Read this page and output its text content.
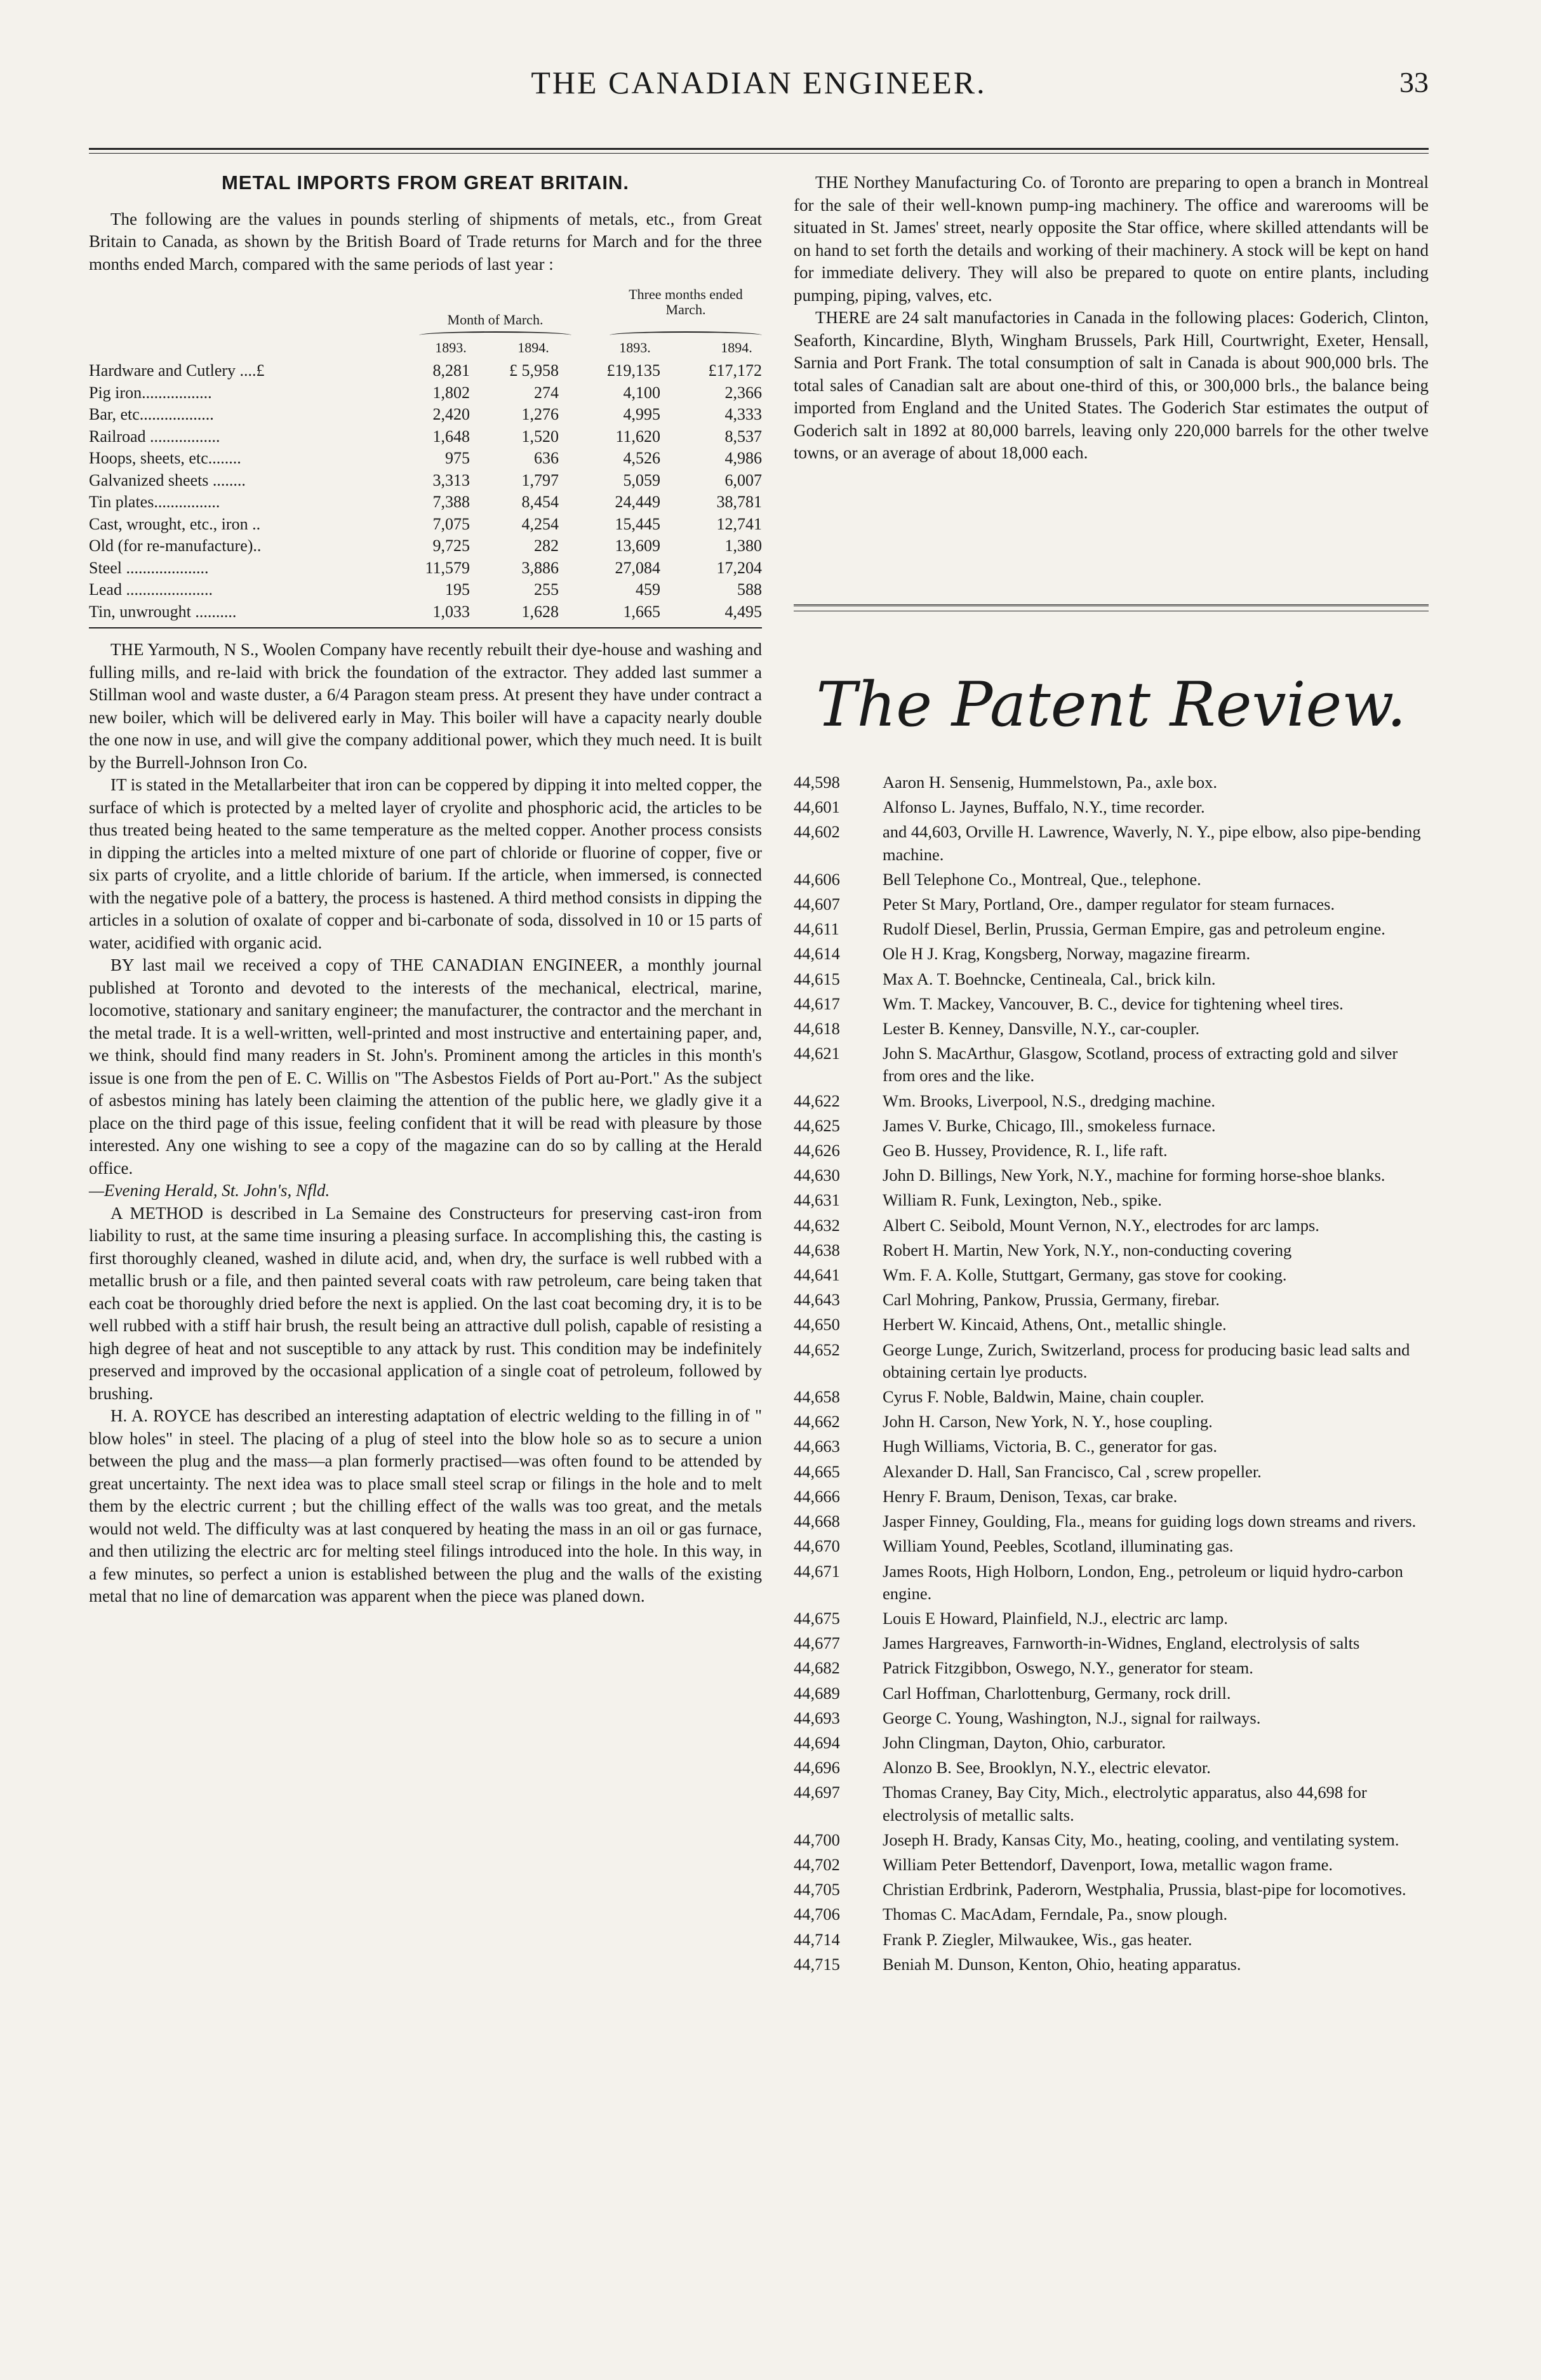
THE CANADIAN ENGINEER.	33
METAL IMPORTS FROM GREAT BRITAIN.

The following are the values in pounds sterling of shipments of metals, etc., from Great Britain to Canada, as shown by the British Board of Trade returns for March and for the three months ended March, compared with the same periods of last year :

Three months ended March.
Month of March.
1893.	1894.	1893.	1894.
Hardware and Cutlery ....£	8,281	£ 5,958	£19,135	£17,172
Pig iron.................	1,802	274	4,100	2,366
Bar, etc..................	2,420	1,276	4,995	4,333
Railroad .................	1,648	1,520	11,620	8,537
Hoops, sheets, etc........	975	636	4,526	4,986
Galvanized sheets ........	3,313	1,797	5,059	6,007
Tin plates................	7,388	8,454	24,449	38,781
Cast, wrought, etc., iron ..	7,075	4,254	15,445	12,741
Old (for re-manufacture)..	9,725	282	13,609	1,380
Steel ....................	11,579	3,886	27,084	17,204
Lead .....................	195	255	459	588
Tin, unwrought ..........	1,033	1,628	1,665	4,495

THE Yarmouth, N S., Woolen Company have recently rebuilt their dye-house and washing and fulling mills, and re-laid with brick the foundation of the extractor. They added last summer a Stillman wool and waste duster, a 6/4 Paragon steam press. At present they have under contract a new boiler, which will be delivered early in May. This boiler will have a capacity nearly double the one now in use, and will give the company additional power, which they much need. It is built by the Burrell-Johnson Iron Co.

IT is stated in the Metallarbeiter that iron can be coppered by dipping it into melted copper, the surface of which is protected by a melted layer of cryolite and phosphoric acid, the articles to be thus treated being heated to the same temperature as the melted copper. Another process consists in dipping the articles into a melted mixture of one part of chloride or fluorine of copper, five or six parts of cryolite, and a little chloride of barium. If the article, when immersed, is connected with the negative pole of a battery, the process is hastened. A third method consists in dipping the articles in a solution of oxalate of copper and bi-carbonate of soda, dissolved in 10 or 15 parts of water, acidified with organic acid.

BY last mail we received a copy of THE CANADIAN ENGINEER, a monthly journal published at Toronto and devoted to the interests of the mechanical, electrical, marine, locomotive, stationary and sanitary engineer; the manufacturer, the contractor and the merchant in the metal trade. It is a well-written, well-printed and most instructive and entertaining paper, and, we think, should find many readers in St. John's. Prominent among the articles in this month's issue is one from the pen of E. C. Willis on "The Asbestos Fields of Port au-Port." As the subject of asbestos mining has lately been claiming the attention of the public here, we gladly give it a place on the third page of this issue, feeling confident that it will be read with pleasure by those interested. Any one wishing to see a copy of the magazine can do so by calling at the Herald office.

—Evening Herald, St. John's, Nfld.

A METHOD is described in La Semaine des Constructeurs for preserving cast-iron from liability to rust, at the same time insuring a pleasing surface. In accomplishing this, the casting is first thoroughly cleaned, washed in dilute acid, and, when dry, the surface is well rubbed with a metallic brush or a file, and then painted several coats with raw petroleum, care being taken that each coat be thoroughly dried before the next is applied. On the last coat becoming dry, it is to be well rubbed with a stiff hair brush, the result being an attractive dull polish, capable of resisting a high degree of heat and not susceptible to any attack by rust. This condition may be indefinitely preserved and improved by the occasional application of a single coat of petroleum, followed by brushing.

H. A. ROYCE has described an interesting adaptation of electric welding to the filling in of " blow holes" in steel. The placing of a plug of steel into the blow hole so as to secure a union between the plug and the mass—a plan formerly practised—was often found to be attended by great uncertainty. The next idea was to place small steel scrap or filings in the hole and to melt them by the electric current ; but the chilling effect of the walls was too great, and the metals would not weld. The difficulty was at last conquered by heating the mass in an oil or gas furnace, and then utilizing the electric arc for melting steel filings introduced into the hole. In this way, in a few minutes, so perfect a union is established between the plug and the walls of the existing metal that no line of demarcation was apparent when the piece was planed down.

THE Northey Manufacturing Co. of Toronto are preparing to open a branch in Montreal for the sale of their well-known pump-ing machinery. The office and warerooms will be situated in St. James' street, nearly opposite the Star office, where skilled attendants will be on hand to set forth the details and working of their machinery. A stock will be kept on hand for immediate delivery. They will also be prepared to quote on entire plants, including pumping, piping, valves, etc.

THERE are 24 salt manufactories in Canada in the following places: Goderich, Clinton, Seaforth, Kincardine, Blyth, Wingham Brussels, Park Hill, Courtwright, Exeter, Hensall, Sarnia and Port Frank. The total consumption of salt in Canada is about 900,000 brls. The total sales of Canadian salt are about one-third of this, or 300,000 brls., the balance being imported from England and the United States. The Goderich Star estimates the output of Goderich salt in 1892 at 80,000 barrels, leaving only 220,000 barrels for the other twelve towns, or an average of about 18,000 each.

The Patent Review.
44,598	Aaron H. Sensenig, Hummelstown, Pa., axle box.
44,601	Alfonso L. Jaynes, Buffalo, N.Y., time recorder.
44,602	and 44,603, Orville H. Lawrence, Waverly, N. Y., pipe elbow, also pipe-bending machine.
44,606	Bell Telephone Co., Montreal, Que., telephone.
44,607	Peter St Mary, Portland, Ore., damper regulator for steam furnaces.
44,611	Rudolf Diesel, Berlin, Prussia, German Empire, gas and petroleum engine.
44,614	Ole H J. Krag, Kongsberg, Norway, magazine firearm.
44,615	Max A. T. Boehncke, Centineala, Cal., brick kiln.
44,617	Wm. T. Mackey, Vancouver, B. C., device for tightening wheel tires.
44,618	Lester B. Kenney, Dansville, N.Y., car-coupler.
44,621	John S. MacArthur, Glasgow, Scotland, process of extracting gold and silver from ores and the like.
44,622	Wm. Brooks, Liverpool, N.S., dredging machine.
44,625	James V. Burke, Chicago, Ill., smokeless furnace.
44,626	Geo B. Hussey, Providence, R. I., life raft.
44,630	John D. Billings, New York, N.Y., machine for forming horse-shoe blanks.
44,631	William R. Funk, Lexington, Neb., spike.
44,632	Albert C. Seibold, Mount Vernon, N.Y., electrodes for arc lamps.
44,638	Robert H. Martin, New York, N.Y., non-conducting covering
44,641	Wm. F. A. Kolle, Stuttgart, Germany, gas stove for cooking.
44,643	Carl Mohring, Pankow, Prussia, Germany, firebar.
44,650	Herbert W. Kincaid, Athens, Ont., metallic shingle.
44,652	George Lunge, Zurich, Switzerland, process for producing basic lead salts and obtaining certain lye products.
44,658	Cyrus F. Noble, Baldwin, Maine, chain coupler.
44,662	John H. Carson, New York, N. Y., hose coupling.
44,663	Hugh Williams, Victoria, B. C., generator for gas.
44,665	Alexander D. Hall, San Francisco, Cal , screw propeller.
44,666	Henry F. Braum, Denison, Texas, car brake.
44,668	Jasper Finney, Goulding, Fla., means for guiding logs down streams and rivers.
44,670	William Yound, Peebles, Scotland, illuminating gas.
44,671	James Roots, High Holborn, London, Eng., petroleum or liquid hydro-carbon engine.
44,675	Louis E Howard, Plainfield, N.J., electric arc lamp.
44,677	James Hargreaves, Farnworth-in-Widnes, England, electrolysis of salts
44,682	Patrick Fitzgibbon, Oswego, N.Y., generator for steam.
44,689	Carl Hoffman, Charlottenburg, Germany, rock drill.
44,693	George C. Young, Washington, N.J., signal for railways.
44,694	John Clingman, Dayton, Ohio, carburator.
44,696	Alonzo B. See, Brooklyn, N.Y., electric elevator.
44,697	Thomas Craney, Bay City, Mich., electrolytic apparatus, also 44,698 for electrolysis of metallic salts.
44,700	Joseph H. Brady, Kansas City, Mo., heating, cooling, and ventilating system.
44,702	William Peter Bettendorf, Davenport, Iowa, metallic wagon frame.
44,705	Christian Erdbrink, Paderorn, Westphalia, Prussia, blast-pipe for locomotives.
44,706	Thomas C. MacAdam, Ferndale, Pa., snow plough.
44,714	Frank P. Ziegler, Milwaukee, Wis., gas heater.
44,715	Beniah M. Dunson, Kenton, Ohio, heating apparatus.
